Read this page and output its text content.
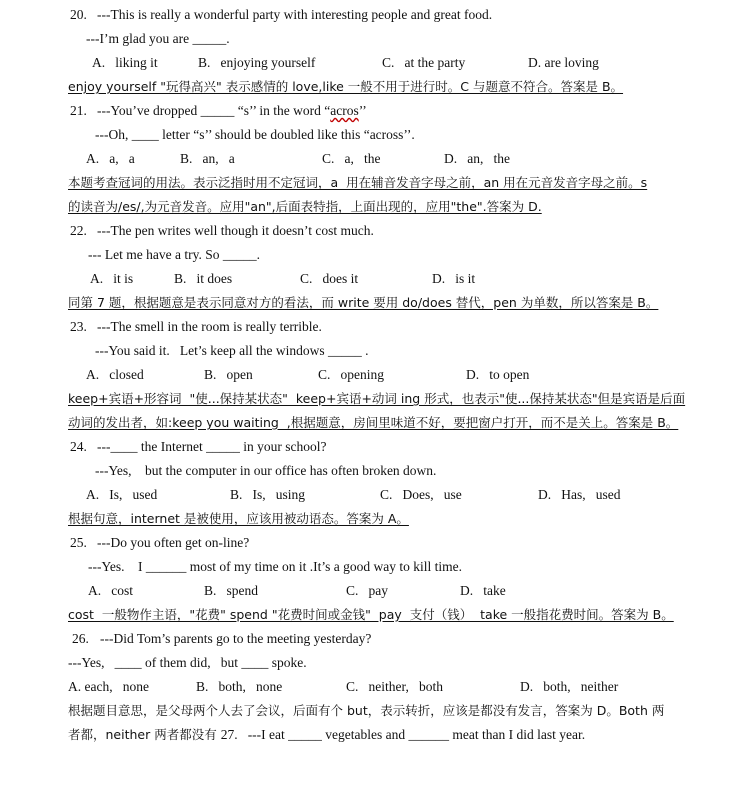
20.

---This is really a wonderful party with interesting people and great food.

---I’m glad you are _____.

A.   liking it

	B.   enjoying yourself

	C.   at the party

	D. are loving

enjoy yourself "玩得高兴" 表示感情的 love,like 一般不用于进行时。C 与题意不符合。答案是 B。

21.

---You’ve dropped _____ “s’’ in the word “acros’’

---Oh, ____ letter “s’’ should be doubled like this “across’’.

A.   a,   a

	B.   an,   a

	C.   a,   the

	D.   an,   the

本题考查冠词的用法。表示泛指时用不定冠词，a  用在辅音发音字母之前，an 用在元音发音字母之前。s

的读音为/es/,为元音发音。应用"an",后面表特指，上面出现的，应用"the".答案为 D.

22.

---The pen writes well though it doesn’t cost much.

--- Let me have a try. So _____.

A.   it is

	B.   it does

	C.   does it

	D.   is it

同第 7 题，根据题意是表示同意对方的看法，而 write 要用 do/does 替代，pen 为单数，所以答案是 B。

23.

---The smell in the room is really terrible.

---You said it.   Let’s keep all the windows _____ .

A.   closed

	B.   open

	C.   opening

	D.   to open

keep+宾语+形容词  "使...保持某状态"  keep+宾语+动词 ing 形式，也表示"使...保持某状态"但是宾语是后面

动词的发出者，如:keep you waiting  ,根据题意，房间里味道不好，要把窗户打开，而不是关上。答案是 B。

24.

---____ the Internet _____ in your school?

---Yes,    but the computer in our office has often broken down.

A.   Is,   used

	B.   Is,   using

	C.   Does,   use

	D.   Has,   used

根据句意，internet 是被使用，应该用被动语态。答案为 A。

25.

---Do you often get on-line?

---Yes.    I ______ most of my time on it .It’s a good way to kill time.

A.   cost

	B.   spend

	C.   pay

	D.   take

cost  一般物作主语，"花费" spend "花费时间或金钱"  pay  支付（钱）  take 一般指花费时间。答案为 B。

26.

---Did Tom’s parents go to the meeting yesterday?

---Yes,   ____ of them did,   but ____ spoke.

A. each,   none

	B.   both,   none

	C.   neither,   both

	D.   both,   neither

根据题目意思，是父母两个人去了会议，后面有个 but，表示转折，应该是都没有发言，答案为 D。Both 两

者都，neither 两者都没有 27.   ---I eat _____ vegetables and ______ meat than I did last year.
